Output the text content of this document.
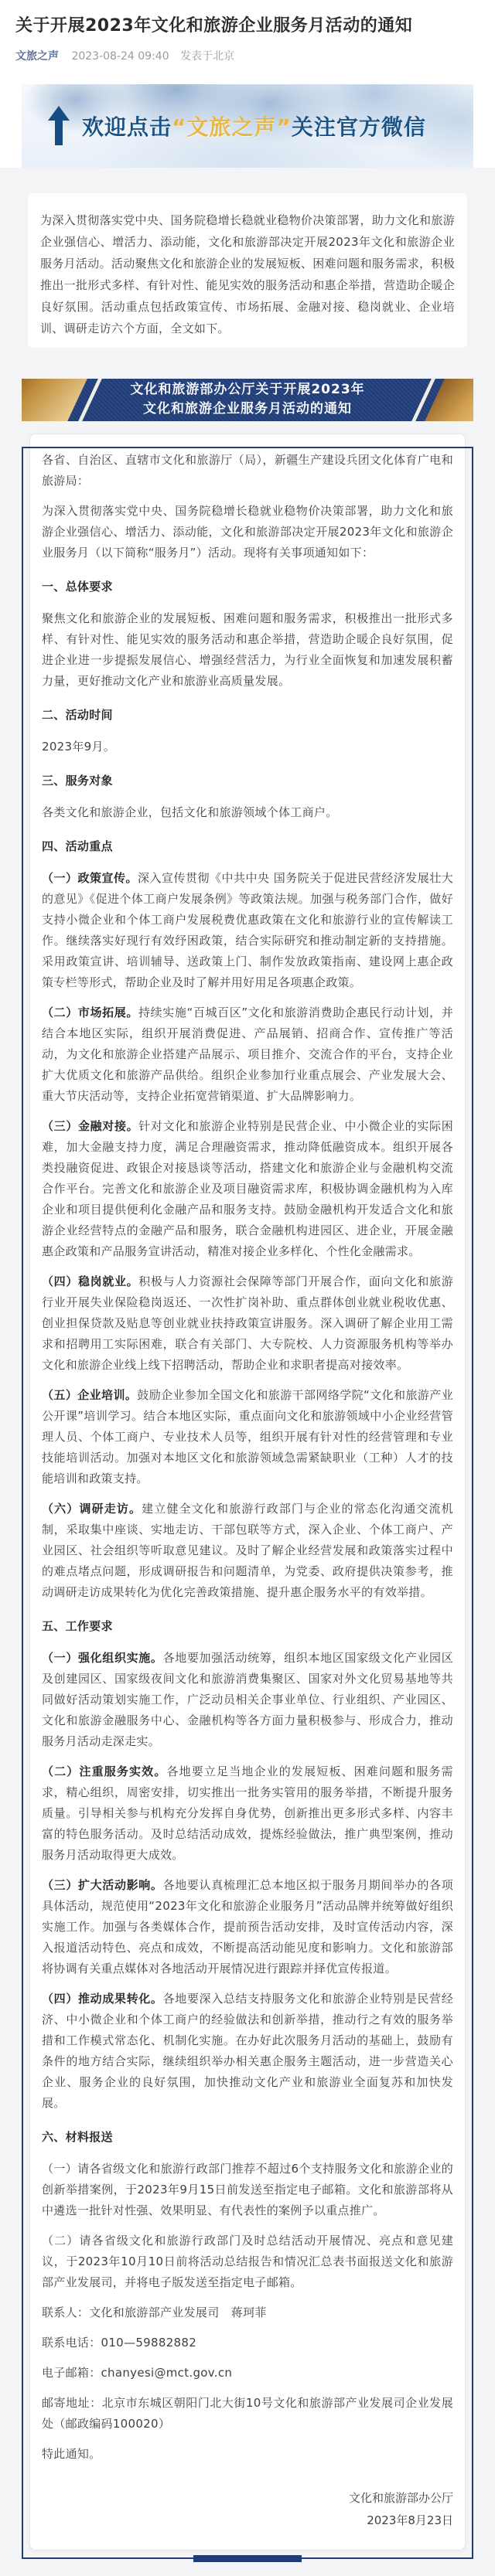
关于开展2023年文化和旅游企业服务月活动的通知
文旅之声 2023-08-24 09:40 发表于北京
欢迎点击“文旅之声”关注官方微信

为深入贯彻落实党中央、国务院稳增长稳就业稳物价决策部署，助力文化和旅游企业强信心、增活力、添动能，文化和旅游部决定开展2023年文化和旅游企业服务月活动。活动聚焦文化和旅游企业的发展短板、困难问题和服务需求，积极推出一批形式多样、有针对性、能见实效的服务活动和惠企举措，营造助企暖企良好氛围。活动重点包括政策宣传、市场拓展、金融对接、稳岗就业、企业培训、调研走访六个方面，全文如下。

文化和旅游部办公厅关于开展2023年
文化和旅游企业服务月活动的通知

各省、自治区、直辖市文化和旅游厅（局），新疆生产建设兵团文化体育广电和旅游局：

为深入贯彻落实党中央、国务院稳增长稳就业稳物价决策部署，助力文化和旅游企业强信心、增活力、添动能，文化和旅游部决定开展2023年文化和旅游企业服务月（以下简称“服务月”）活动。现将有关事项通知如下：

一、总体要求

聚焦文化和旅游企业的发展短板、困难问题和服务需求，积极推出一批形式多样、有针对性、能见实效的服务活动和惠企举措，营造助企暖企良好氛围，促进企业进一步提振发展信心、增强经营活力，为行业全面恢复和加速发展积蓄力量，更好推动文化产业和旅游业高质量发展。

二、活动时间

2023年9月。

三、服务对象

各类文化和旅游企业，包括文化和旅游领域个体工商户。

四、活动重点

（一）政策宣传。深入宣传贯彻《中共中央 国务院关于促进民营经济发展壮大的意见》《促进个体工商户发展条例》等政策法规。加强与税务部门合作，做好支持小微企业和个体工商户发展税费优惠政策在文化和旅游行业的宣传解读工作。继续落实好现行有效纾困政策，结合实际研究和推动制定新的支持措施。采用政策宣讲、培训辅导、送政策上门、制作发放政策指南、建设网上惠企政策专栏等形式，帮助企业及时了解并用好用足各项惠企政策。

（二）市场拓展。持续实施“百城百区”文化和旅游消费助企惠民行动计划，并结合本地区实际，组织开展消费促进、产品展销、招商合作、宣传推广等活动，为文化和旅游企业搭建产品展示、项目推介、交流合作的平台，支持企业扩大优质文化和旅游产品供给。组织企业参加行业重点展会、产业发展大会、重大节庆活动等，支持企业拓宽营销渠道、扩大品牌影响力。

（三）金融对接。针对文化和旅游企业特别是民营企业、中小微企业的实际困难，加大金融支持力度，满足合理融资需求，推动降低融资成本。组织开展各类投融资促进、政银企对接恳谈等活动，搭建文化和旅游企业与金融机构交流合作平台。完善文化和旅游企业及项目融资需求库，积极协调金融机构为入库企业和项目提供便利化金融产品和服务支持。鼓励金融机构开发适合文化和旅游企业经营特点的金融产品和服务，联合金融机构进园区、进企业，开展金融惠企政策和产品服务宣讲活动，精准对接企业多样化、个性化金融需求。

（四）稳岗就业。积极与人力资源社会保障等部门开展合作，面向文化和旅游行业开展失业保险稳岗返还、一次性扩岗补助、重点群体创业就业税收优惠、创业担保贷款及贴息等创业就业扶持政策宣讲服务。深入调研了解企业用工需求和招聘用工实际困难，联合有关部门、大专院校、人力资源服务机构等举办文化和旅游企业线上线下招聘活动，帮助企业和求职者提高对接效率。

（五）企业培训。鼓励企业参加全国文化和旅游干部网络学院“文化和旅游产业公开课”培训学习。结合本地区实际，重点面向文化和旅游领域中小企业经营管理人员、个体工商户、专业技术人员等，组织开展有针对性的经营管理和专业技能培训活动。加强对本地区文化和旅游领域急需紧缺职业（工种）人才的技能培训和政策支持。

（六）调研走访。建立健全文化和旅游行政部门与企业的常态化沟通交流机制，采取集中座谈、实地走访、干部包联等方式，深入企业、个体工商户、产业园区、社会组织等听取意见建议。及时了解企业经营发展和政策落实过程中的难点堵点问题，形成调研报告和问题清单，为党委、政府提供决策参考，推动调研走访成果转化为优化完善政策措施、提升惠企服务水平的有效举措。

五、工作要求

（一）强化组织实施。各地要加强活动统筹，组织本地区国家级文化产业园区及创建园区、国家级夜间文化和旅游消费集聚区、国家对外文化贸易基地等共同做好活动策划实施工作，广泛动员相关企事业单位、行业组织、产业园区、文化和旅游金融服务中心、金融机构等各方面力量积极参与、形成合力，推动服务月活动走深走实。

（二）注重服务实效。各地要立足当地企业的发展短板、困难问题和服务需求，精心组织，周密安排，切实推出一批务实管用的服务举措，不断提升服务质量。引导相关参与机构充分发挥自身优势，创新推出更多形式多样、内容丰富的特色服务活动。及时总结活动成效，提炼经验做法，推广典型案例，推动服务月活动取得更大成效。

（三）扩大活动影响。各地要认真梳理汇总本地区拟于服务月期间举办的各项具体活动，规范使用“2023年文化和旅游企业服务月”活动品牌并统筹做好组织实施工作。加强与各类媒体合作，提前预告活动安排，及时宣传活动内容，深入报道活动特色、亮点和成效，不断提高活动能见度和影响力。文化和旅游部将协调有关重点媒体对各地活动开展情况进行跟踪并择优宣传报道。

（四）推动成果转化。各地要深入总结支持服务文化和旅游企业特别是民营经济、中小微企业和个体工商户的经验做法和创新举措，推动行之有效的服务举措和工作模式常态化、机制化实施。在办好此次服务月活动的基础上，鼓励有条件的地方结合实际，继续组织举办相关惠企服务主题活动，进一步营造关心企业、服务企业的良好氛围，加快推动文化产业和旅游业全面复苏和加快发展。

六、材料报送

（一）请各省级文化和旅游行政部门推荐不超过6个支持服务文化和旅游企业的创新举措案例，于2023年9月15日前发送至指定电子邮箱。文化和旅游部将从中遴选一批针对性强、效果明显、有代表性的案例予以重点推广。

（二）请各省级文化和旅游行政部门及时总结活动开展情况、亮点和意见建议，于2023年10月10日前将活动总结报告和情况汇总表书面报送文化和旅游部产业发展司，并将电子版发送至指定电子邮箱。

联系人：文化和旅游部产业发展司　蒋珂菲

联系电话：010—59882882

电子邮箱：chanyesi@mct.gov.cn

邮寄地址：北京市东城区朝阳门北大街10号文化和旅游部产业发展司企业发展处（邮政编码100020）

特此通知。

文化和旅游部办公厅

2023年8月23日
